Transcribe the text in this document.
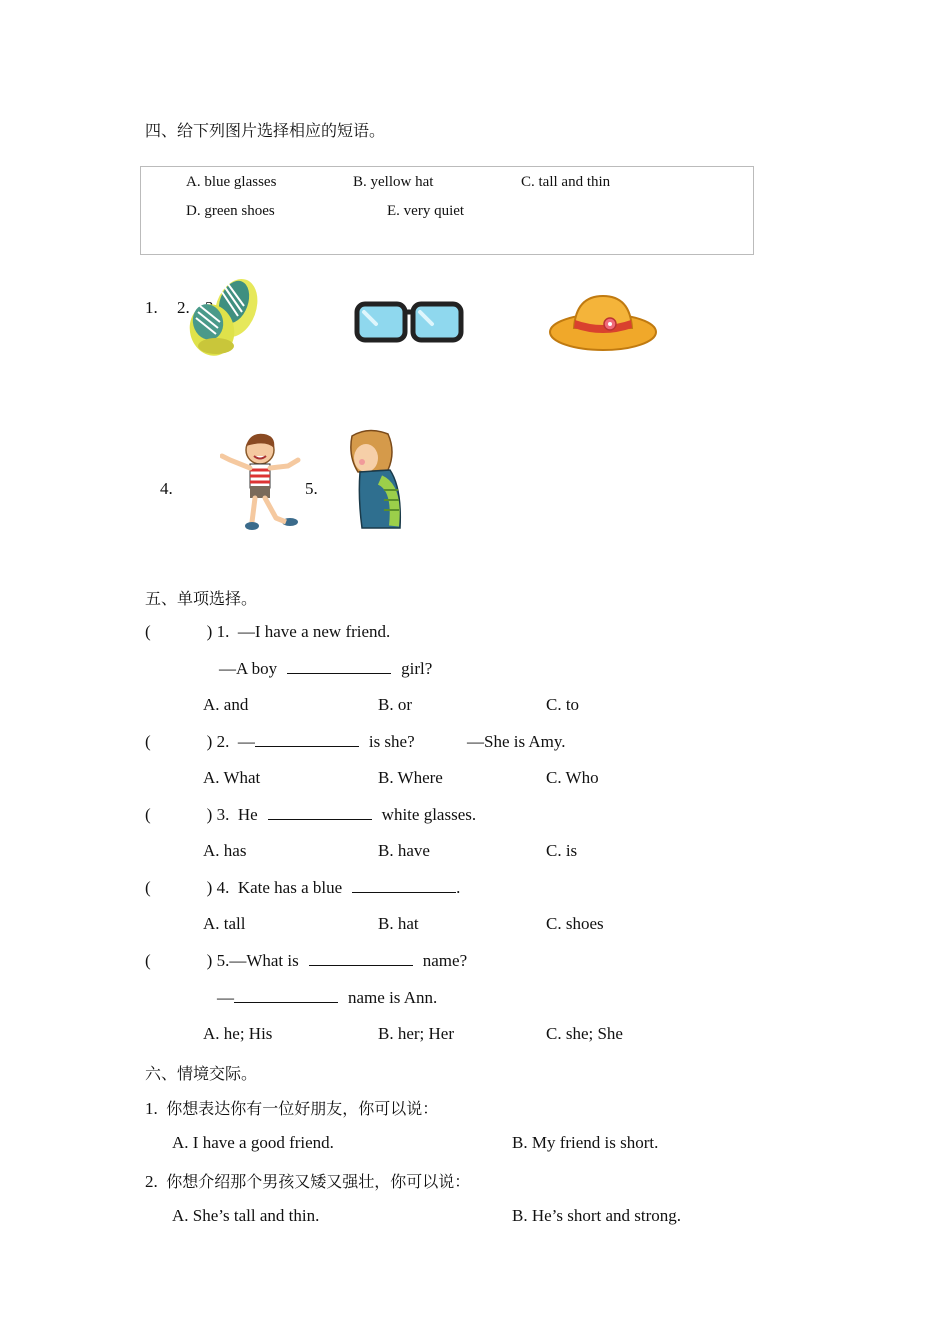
四、给下列图片选择相应的短语。
A. blue glasses	B. yellow hat	C. tall and thin
D. green shoes	E. very quiet
1. 2.
4.	5.
五、单项选择。
(	) 1. —I have a new friend.
—A boy	girl?
A. and	B. or	C. to
(	) 2. —	is she?	—She is Amy.
A. What	B. Where	C. Who
(	) 3. He	white glasses.
A. has	B. have	C. is
(	) 4. Kate has a blue	.
A. tall	B. hat	C. shoes
(	) 5.—What is	name?
—	name is Ann.
A. he; His	B. her; Her	C. she; She
六、情境交际。
1. 你想表达你有一位好朋友，你可以说：
A. I have a good friend.	B. My friend is short.
2. 你想介绍那个男孩又矮又强壮，你可以说：
A. She’s tall and thin.	B. He’s short and strong.
